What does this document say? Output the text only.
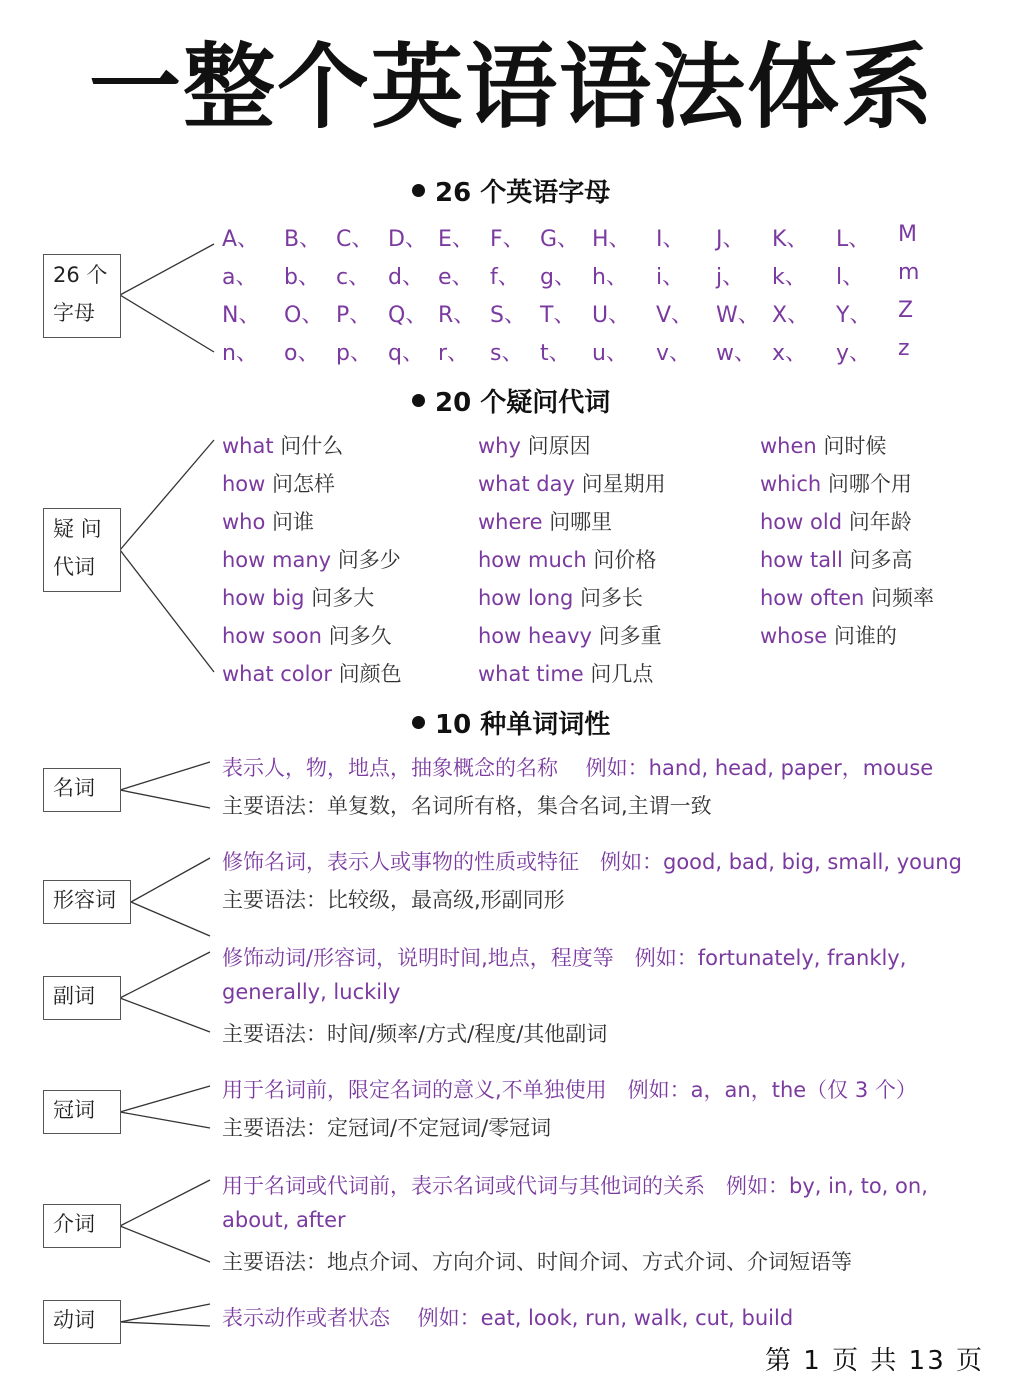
一整个英语语法体系
26 个英语字母
26 个
字母
A、 B、 C、 D、 E、 F、 G、 H、 I、 J、 K、 L、 M
a、 b、 c、 d、 e、 f、 g、 h、 i、 j、 k、 l、 m
N、 O、 P、 Q、 R、 S、 T、 U、 V、 W、 X、 Y、 Z
n、 o、 p、 q、 r、 s、 t、 u、 v、 w、 x、 y、 z
20 个疑问代词
疑 问
代词
what 问什么
how 问怎样
who 问谁
how many 问多少
how big 问多大
how soon 问多久
what color 问颜色
why 问原因
what day 问星期用
where 问哪里
how much 问价格
how long 问多长
how heavy 问多重
what time 问几点
when 问时候
which 问哪个用
how old 问年龄
how tall 问多高
how often 问频率
whose 问谁的
10 种单词词性
名词
表示人，物，地点，抽象概念的名称　 例如：hand, head, paper，mouse
主要语法：单复数，名词所有格，集合名词,主谓一致
形容词
修饰名词，表示人或事物的性质或特征　例如：good, bad, big, small, young
主要语法：比较级，最高级,形副同形
副词
修饰动词/形容词，说明时间,地点，程度等　例如：fortunately, frankly,
generally, luckily
主要语法：时间/频率/方式/程度/其他副词
冠词
用于名词前，限定名词的意义,不单独使用　例如：a，an，the（仅 3 个）
主要语法：定冠词/不定冠词/零冠词
介词
用于名词或代词前，表示名词或代词与其他词的关系　例如：by, in, to, on,
about, after
主要语法：地点介词、方向介词、时间介词、方式介词、介词短语等
动词	表示动作或者状态　 例如：eat, look, run, walk, cut, build
第 1 页 共 13 页
